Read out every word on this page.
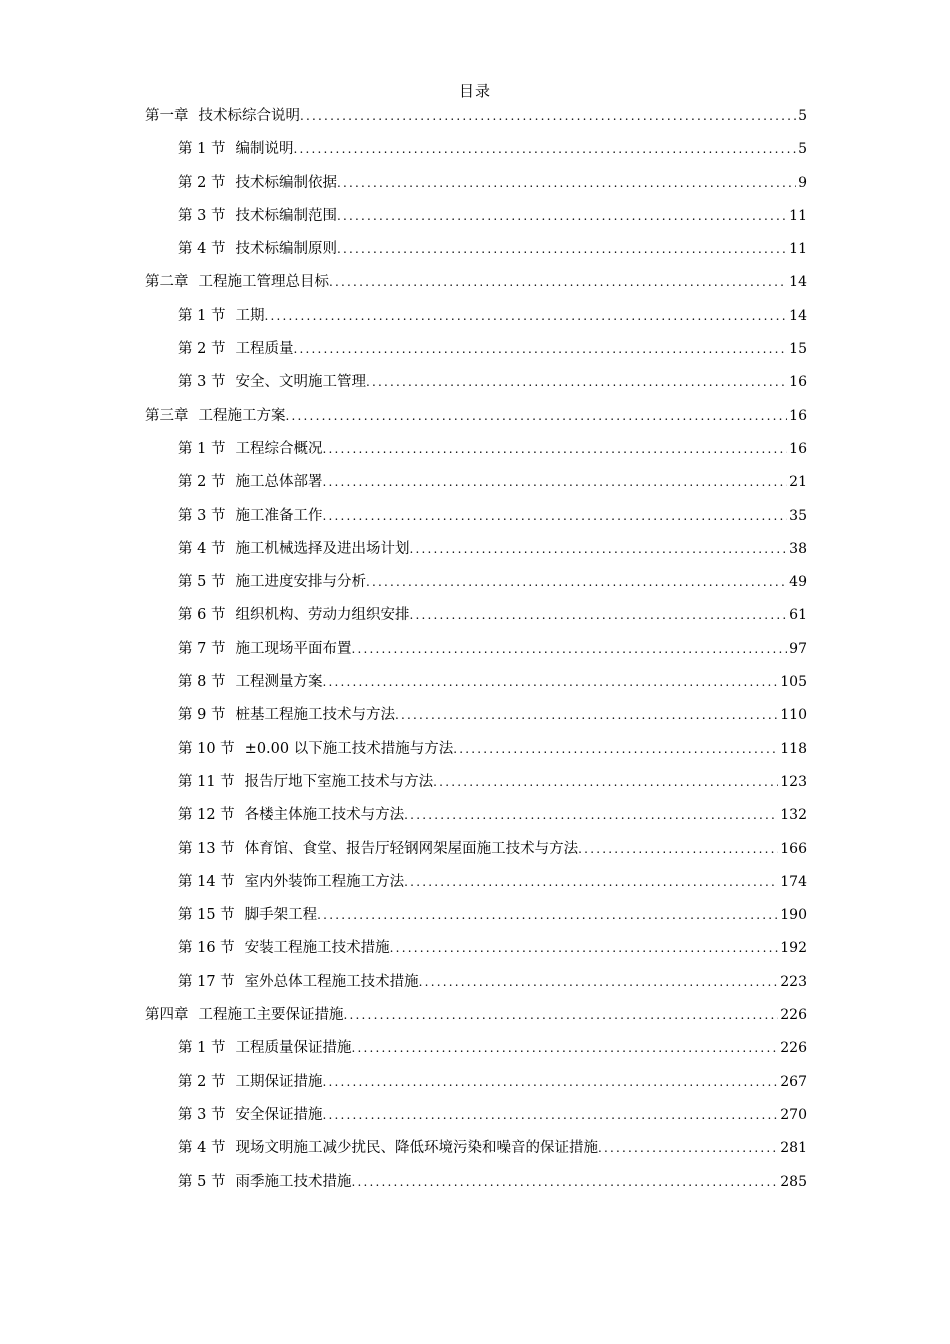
目录
第一章 技术标综合说明 .....	5
第 1 节 编制说明 .....	5
第 2 节 技术标编制依据 .....	9
第 3 节 技术标编制范围 .....	11
第 4 节 技术标编制原则 .....	11
第二章 工程施工管理总目标 .....	14
第 1 节 工期 .....	14
第 2 节 工程质量 .....	15
第 3 节 安全、文明施工管理 .....	16
第三章 工程施工方案 .....	16
第 1 节 工程综合概况 .....	16
第 2 节 施工总体部署 .....	21
第 3 节 施工准备工作 .....	35
第 4 节 施工机械选择及进出场计划 .....	38
第 5 节 施工进度安排与分析 .....	49
第 6 节 组织机构、劳动力组织安排 .....	61
第 7 节 施工现场平面布置 .....	97
第 8 节 工程测量方案 .....	105
第 9 节 桩基工程施工技术与方法 .....	110
第 10 节 ±0.00 以下施工技术措施与方法 .....	118
第 11 节 报告厅地下室施工技术与方法 .....	123
第 12 节 各楼主体施工技术与方法 .....	132
第 13 节 体育馆、食堂、报告厅轻钢网架屋面施工技术与方法 .....	166
第 14 节 室内外装饰工程施工方法 .....	174
第 15 节 脚手架工程 .....	190
第 16 节 安装工程施工技术措施 .....	192
第 17 节 室外总体工程施工技术措施 .....	223
第四章 工程施工主要保证措施 .....	226
第 1 节 工程质量保证措施 .....	226
第 2 节 工期保证措施 .....	267
第 3 节 安全保证措施 .....	270
第 4 节 现场文明施工减少扰民、降低环境污染和噪音的保证措施 .....	281
第 5 节 雨季施工技术措施 .....	285
